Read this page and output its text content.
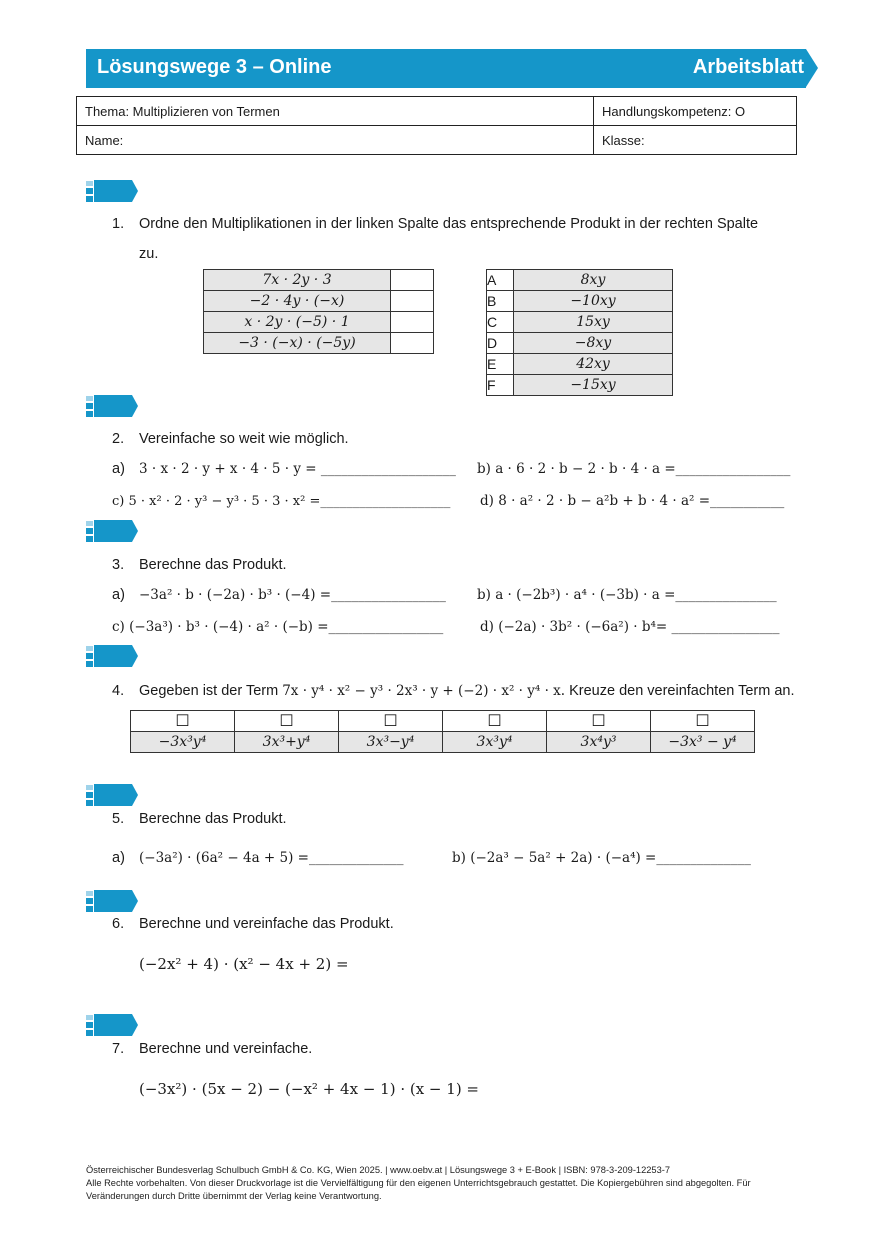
Lösungswege 3 – Online	Arbeitsblatt
Thema: Multiplizieren von Termen	Handlungskompetenz: O
Name:	Klasse:
1. Ordne den Multiplikationen in der linken Spalte das entsprechende Produkt in der rechten Spalte
zu.
7x · 2y · 3	
−2 · 4y · (−x)	
x · 2y · (−5) · 1	
−3 · (−x) · (−5y)	
A	8xy
B	−10xy
C	15xy
D	−8xy
E	42xy
F	−15xy
2. Vereinfache so weit wie möglich.
a) 3 · x · 2 · y + x · 4 · 5 · y = ____________________ b) a · 6 · 2 · b − 2 · b · 4 · a =_________________
c) 5 · x² · 2 · y³ − y³ · 5 · 3 · x² =____________________ d) 8 · a² · 2 · b − a²b + b · 4 · a² =___________
3. Berechne das Produkt.
a) −3a² · b · (−2a) · b³ · (−4) =_________________ b) a · (−2b³) · a⁴ · (−3b) · a =_______________
c) (−3a³) · b³ · (−4) · a² · (−b) =_________________	d) (−2a) · 3b² · (−6a²) · b⁴= ________________
4. Gegeben ist der Term 7x · y⁴ · x² − y³ · 2x³ · y + (−2) · x² · y⁴ · x. Kreuze den vereinfachten Term an.
☐	☐	☐	☐	☐	☐
−3x³y⁴	3x³+y⁴	3x³−y⁴	3x³y⁴	3x⁴y³	−3x³ − y⁴
5. Berechne das Produkt.
a) (−3a²) · (6a² − 4a + 5) =______________	b) (−2a³ − 5a² + 2a) · (−a⁴) =______________
6. Berechne und vereinfache das Produkt.
(−2x² + 4) · (x² − 4x + 2) =
7. Berechne und vereinfache.
(−3x²) · (5x − 2) − (−x² + 4x − 1) · (x − 1) =
Österreichischer Bundesverlag Schulbuch GmbH & Co. KG, Wien 2025. | www.oebv.at | Lösungswege 3 + E-Book | ISBN: 978-3-209-12253-7
Alle Rechte vorbehalten. Von dieser Druckvorlage ist die Vervielfältigung für den eigenen Unterrichtsgebrauch gestattet. Die Kopiergebühren sind abgegolten. Für
Veränderungen durch Dritte übernimmt der Verlag keine Verantwortung.
